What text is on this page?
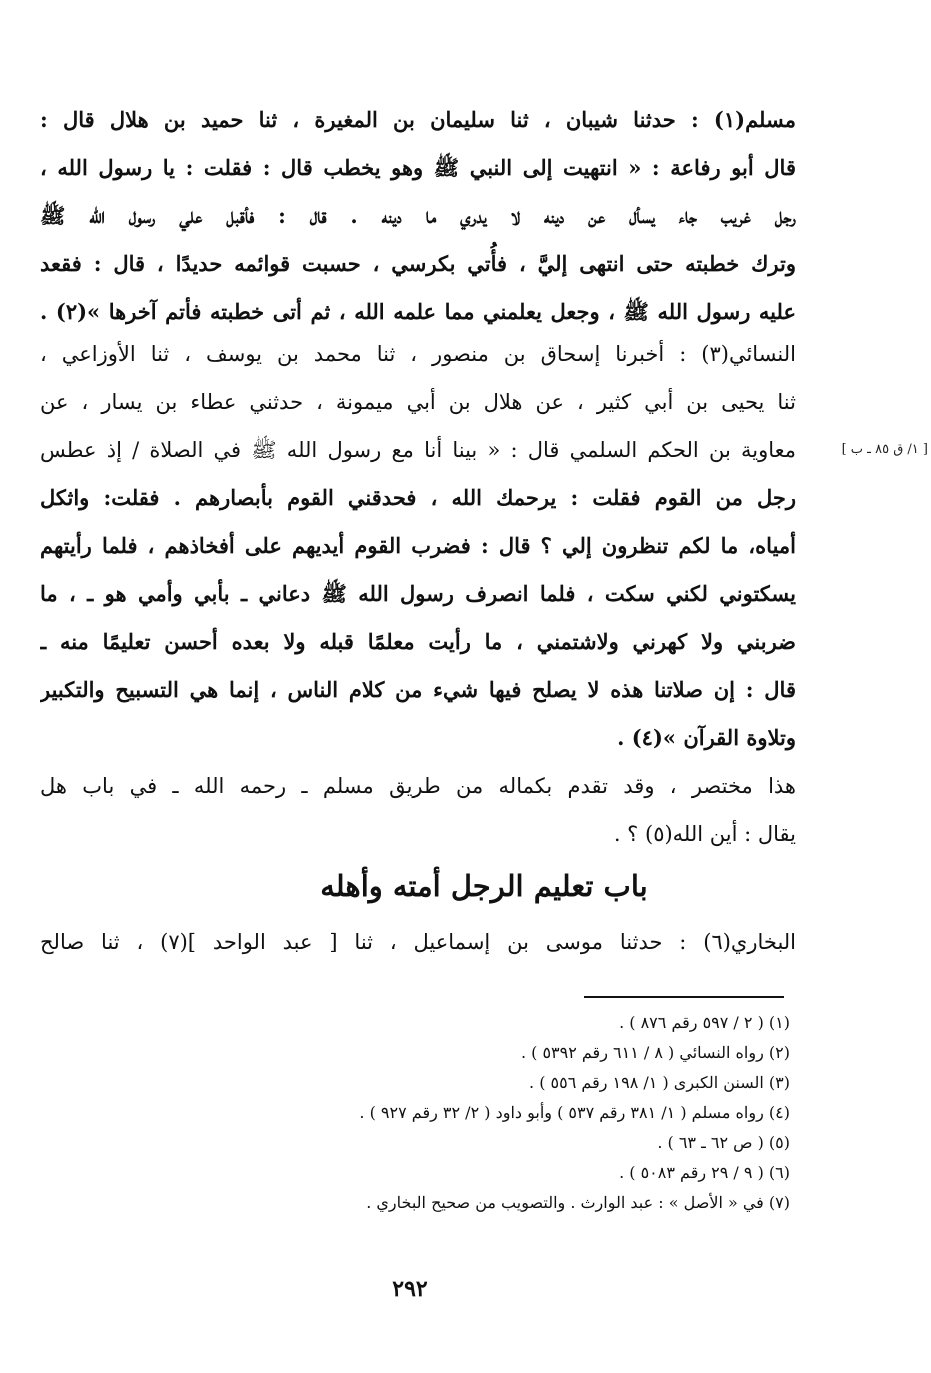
مسلم(١) : حدثنا شيبان ، ثنا سليمان بن المغيرة ، ثنا حميد بن هلال قال :
قال أبو رفاعة : « انتهيت إلى النبي ﷺ وهو يخطب قال : فقلت : يا رسول الله ،
رجل غريب جاء يسأل عن دينه لا يدري ما دينه . قال : فأقبل علي رسول الله ﷺ
وترك خطبته حتى انتهى إليَّ ، فأُتي بكرسي ، حسبت قوائمه حديدًا ، قال : فقعد
عليه رسول الله ﷺ ، وجعل يعلمني مما علمه الله ، ثم أتى خطبته فأتم آخرها »(٢) .
النسائي(٣) : أخبرنا إسحاق بن منصور ، ثنا محمد بن يوسف ، ثنا الأوزاعي ،
ثنا يحيى بن أبي كثير ، عن هلال بن أبي ميمونة ، حدثني عطاء بن يسار ، عن
معاوية بن الحكم السلمي قال : « بينا أنا مع رسول الله ﷺ في الصلاة / إذ عطس
رجل من القوم فقلت : يرحمك الله ، فحدقني القوم بأبصارهم . فقلت: واثكل
أمياه، ما لكم تنظرون إلي ؟ قال : فضرب القوم أيديهم على أفخاذهم ، فلما رأيتهم
يسكتوني لكني سكت ، فلما انصرف رسول الله ﷺ دعاني ـ بأبي وأمي هو ـ ، ما
ضربني ولا كهرني ولاشتمني ، ما رأيت معلمًا قبله ولا بعده أحسن تعليمًا منه ـ
قال : إن صلاتنا هذه لا يصلح فيها شيء من كلام الناس ، إنما هي التسبيح والتكبير
وتلاوة القرآن »(٤) .
[ ١/ ق ٨٥ ـ ب ]
هذا مختصر ، وقد تقدم بكماله من طريق مسلم ـ رحمه الله ـ في باب هل
يقال : أين الله(٥) ؟ .
باب تعليم الرجل أمته وأهله
البخاري(٦) : حدثنا موسى بن إسماعيل ، ثنا [ عبد الواحد ](٧) ، ثنا صالح
(١) ( ٢ / ٥٩٧ رقم ٨٧٦ ) .
(٢) رواه النسائي ( ٨ / ٦١١ رقم ٥٣٩٢ ) .
(٣) السنن الكبرى ( ١/ ١٩٨ رقم ٥٥٦ ) .
(٤) رواه مسلم ( ١/ ٣٨١ رقم ٥٣٧ ) وأبو داود ( ٢/ ٣٢ رقم ٩٢٧ ) .
(٥) ( ص ٦٢ ـ ٦٣ ) .
(٦) ( ٩ / ٢٩ رقم ٥٠٨٣ ) .
(٧) في « الأصل » : عبد الوارث . والتصويب من صحيح البخاري .
٢٩٢
